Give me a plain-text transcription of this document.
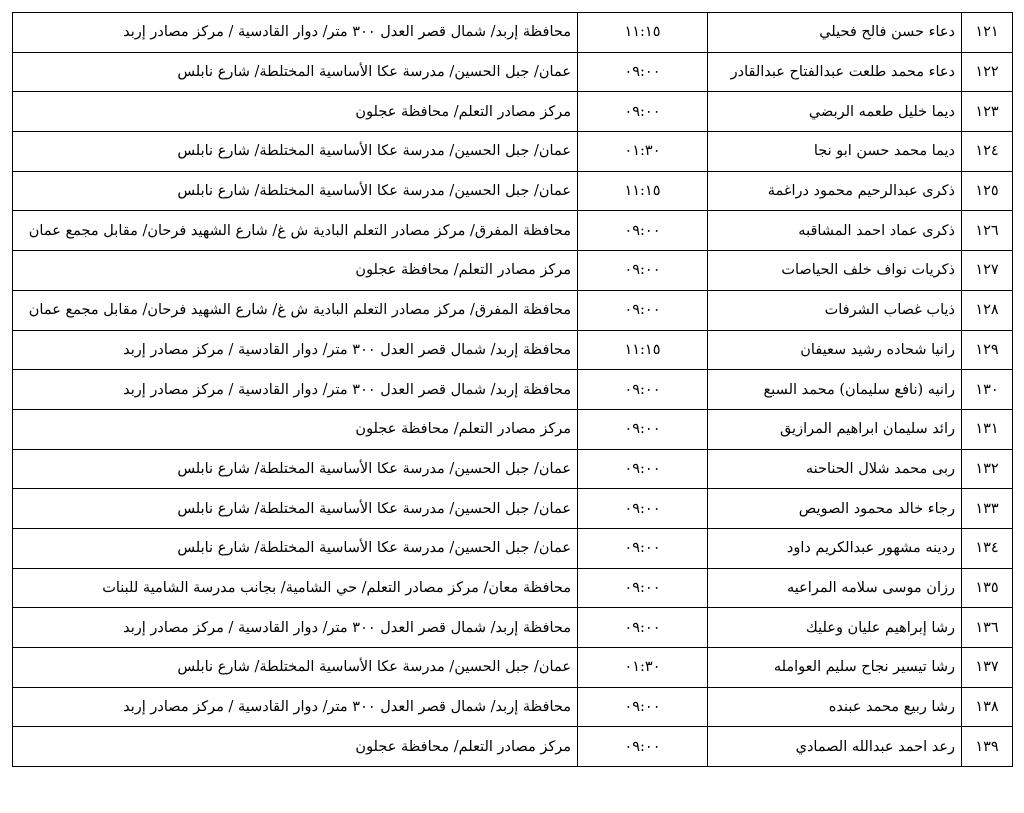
١٢١	دعاء حسن فالح فحيلي	١١:١٥	محافظة إربد/ شمال قصر العدل ٣٠٠ متر/ دوار القادسية / مركز مصادر إربد
١٢٢	دعاء محمد طلعت عبدالفتاح عبدالقادر	٠٩:٠٠	عمان/ جبل الحسين/ مدرسة عكا الأساسية المختلطة/ شارع نابلس
١٢٣	ديما خليل طعمه الربضي	٠٩:٠٠	مركز مصادر التعلم/ محافظة عجلون
١٢٤	ديما محمد حسن ابو نجا	٠١:٣٠	عمان/ جبل الحسين/ مدرسة عكا الأساسية المختلطة/ شارع نابلس
١٢٥	ذكرى عبدالرحيم محمود دراغمة	١١:١٥	عمان/ جبل الحسين/ مدرسة عكا الأساسية المختلطة/ شارع نابلس
١٢٦	ذكرى عماد احمد المشاقبه	٠٩:٠٠	محافظة المفرق/ مركز مصادر التعلم البادية ش غ/ شارع الشهيد فرحان/ مقابل مجمع عمان
١٢٧	ذكريات نواف خلف الحياصات	٠٩:٠٠	مركز مصادر التعلم/ محافظة عجلون
١٢٨	ذياب غصاب الشرفات	٠٩:٠٠	محافظة المفرق/ مركز مصادر التعلم البادية ش غ/ شارع الشهيد فرحان/ مقابل مجمع عمان
١٢٩	رانيا شحاده رشيد سعيفان	١١:١٥	محافظة إربد/ شمال قصر العدل ٣٠٠ متر/ دوار القادسية / مركز مصادر إربد
١٣٠	رانيه (نافع سليمان) محمد السبع	٠٩:٠٠	محافظة إربد/ شمال قصر العدل ٣٠٠ متر/ دوار القادسية / مركز مصادر إربد
١٣١	رائد سليمان ابراهيم المرازيق	٠٩:٠٠	مركز مصادر التعلم/ محافظة عجلون
١٣٢	ربى محمد شلال الحناحنه	٠٩:٠٠	عمان/ جبل الحسين/ مدرسة عكا الأساسية المختلطة/ شارع نابلس
١٣٣	رجاء خالد محمود الصويص	٠٩:٠٠	عمان/ جبل الحسين/ مدرسة عكا الأساسية المختلطة/ شارع نابلس
١٣٤	ردينه مشهور عبدالكريم داود	٠٩:٠٠	عمان/ جبل الحسين/ مدرسة عكا الأساسية المختلطة/ شارع نابلس
١٣٥	رزان موسى سلامه المراعيه	٠٩:٠٠	محافظة معان/ مركز مصادر التعلم/ حي الشامية/ بجانب مدرسة الشامية للبنات
١٣٦	رشا إبراهيم عليان وعليك	٠٩:٠٠	محافظة إربد/ شمال قصر العدل ٣٠٠ متر/ دوار القادسية / مركز مصادر إربد
١٣٧	رشا تيسير نجاح سليم العوامله	٠١:٣٠	عمان/ جبل الحسين/ مدرسة عكا الأساسية المختلطة/ شارع نابلس
١٣٨	رشا ربيع محمد عبنده	٠٩:٠٠	محافظة إربد/ شمال قصر العدل ٣٠٠ متر/ دوار القادسية / مركز مصادر إربد
١٣٩	رعد احمد عبدالله الصمادي	٠٩:٠٠	مركز مصادر التعلم/ محافظة عجلون
